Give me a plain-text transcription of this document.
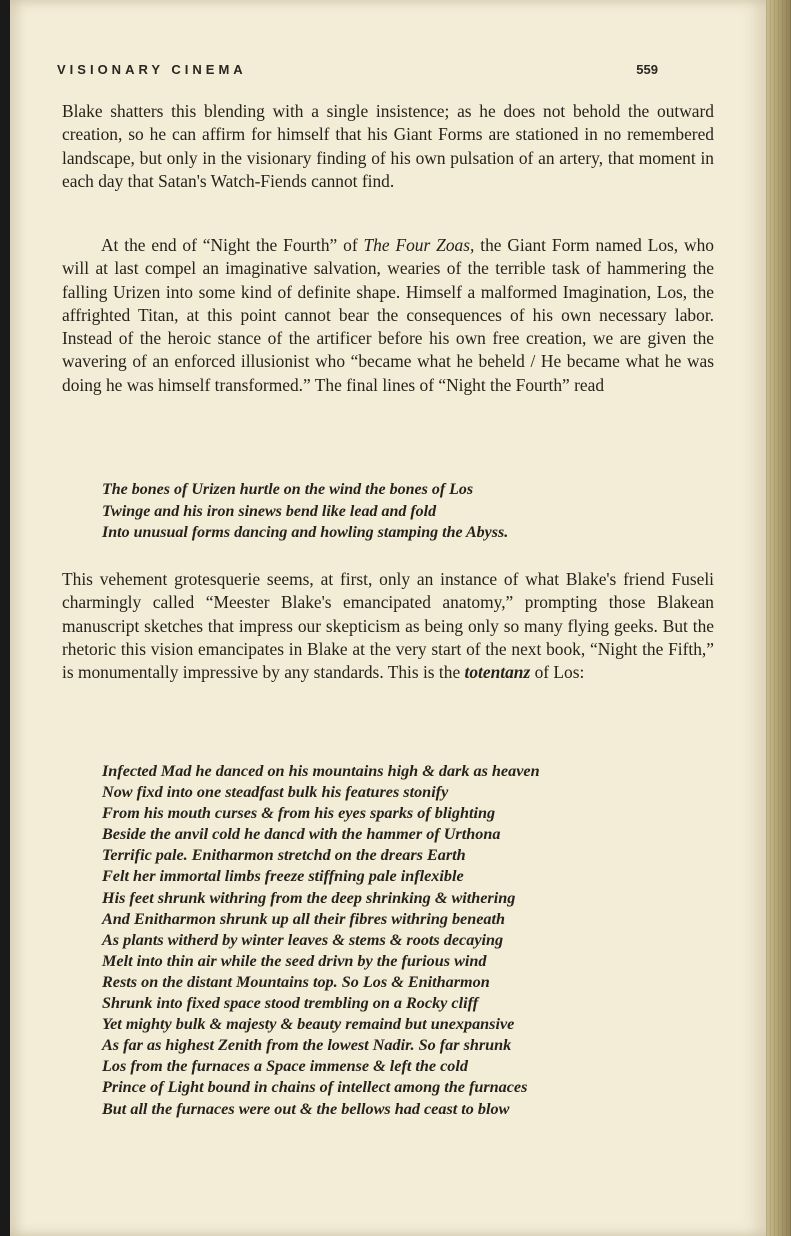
VISIONARY CINEMA	559

Blake shatters this blending with a single insistence; as he does not behold the outward creation, so he can affirm for himself that his Giant Forms are stationed in no remembered landscape, but only in the visionary finding of his own pulsation of an artery, that moment in each day that Satan's Watch-Fiends cannot find.

At the end of “Night the Fourth” of The Four Zoas, the Giant Form named Los, who will at last compel an imaginative salvation, wearies of the terrible task of hammering the falling Urizen into some kind of definite shape. Himself a malformed Imagination, Los, the affrighted Titan, at this point cannot bear the consequences of his own necessary labor. Instead of the heroic stance of the artificer before his own free creation, we are given the wavering of an enforced illusionist who “became what he beheld / He became what he was doing he was himself transformed.” The final lines of “Night the Fourth” read

The bones of Urizen hurtle on the wind the bones of Los
Twinge and his iron sinews bend like lead and fold
Into unusual forms dancing and howling stamping the Abyss.

This vehement grotesquerie seems, at first, only an instance of what Blake's friend Fuseli charmingly called “Meester Blake's emancipated anatomy,” prompting those Blakean manuscript sketches that impress our skepticism as being only so many flying geeks. But the rhetoric this vision emancipates in Blake at the very start of the next book, “Night the Fifth,” is monumentally impressive by any standards. This is the totentanz of Los:

Infected Mad he danced on his mountains high & dark as heaven
Now fixd into one steadfast bulk his features stonify
From his mouth curses & from his eyes sparks of blighting
Beside the anvil cold he dancd with the hammer of Urthona
Terrific pale. Enitharmon stretchd on the drears Earth
Felt her immortal limbs freeze stiffning pale inflexible
His feet shrunk withring from the deep shrinking & withering
And Enitharmon shrunk up all their fibres withring beneath
As plants witherd by winter leaves & stems & roots decaying
Melt into thin air while the seed drivn by the furious wind
Rests on the distant Mountains top. So Los & Enitharmon
Shrunk into fixed space stood trembling on a Rocky cliff
Yet mighty bulk & majesty & beauty remaind but unexpansive
As far as highest Zenith from the lowest Nadir. So far shrunk
Los from the furnaces a Space immense & left the cold
Prince of Light bound in chains of intellect among the furnaces
But all the furnaces were out & the bellows had ceast to blow
